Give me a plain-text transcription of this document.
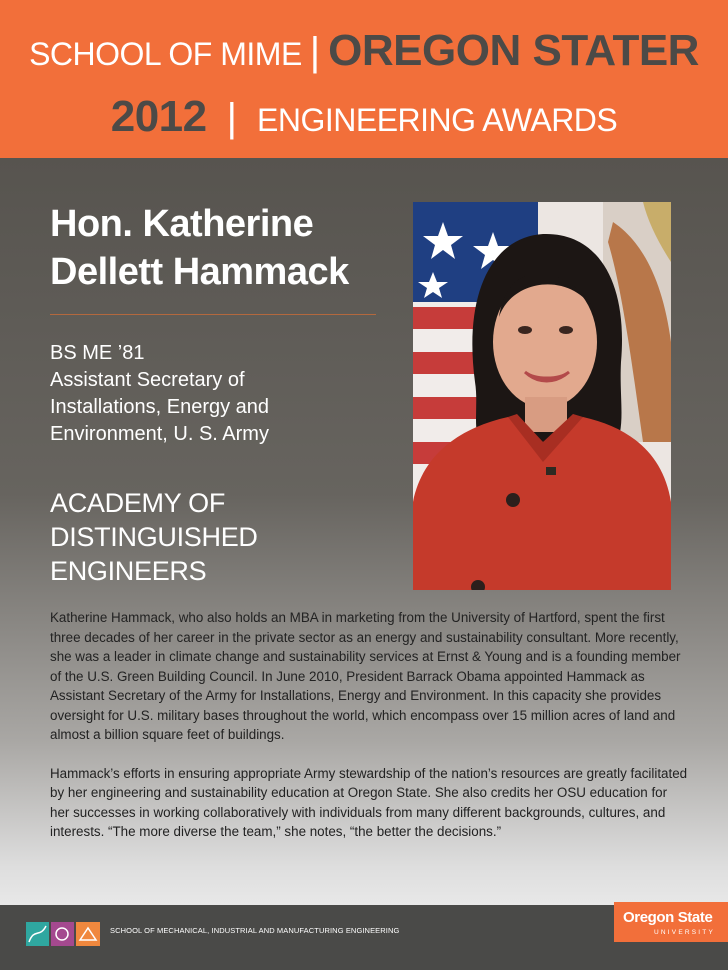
SCHOOL OF MIME | OREGON STATER
2012 | ENGINEERING AWARDS
Hon. Katherine
Dellett Hammack
BS ME ’81
Assistant Secretary of
Installations, Energy and
Environment, U. S. Army
ACADEMY OF
DISTINGUISHED
ENGINEERS

Katherine Hammack, who also holds an MBA in marketing from the University of Hartford, spent the first three decades of her career in the private sector as an energy and sustainability consultant. More recently, she was a leader in climate change and sustainability services at Ernst & Young and is a founding member of the U.S. Green Building Council. In June 2010, President Barrack Obama appointed Hammack as Assistant Secretary of the Army for Installations, Energy and Environment. In this capacity she provides oversight for U.S. military bases throughout the world, which encompass over 15 million acres of land and almost a billion square feet of buildings.

Hammack’s efforts in ensuring appropriate Army stewardship of the nation’s resources are greatly facilitated by her engineering and sustainability education at Oregon State. She also credits her OSU education for her successes in working collaboratively with individuals from many different backgrounds, cultures, and interests. “The more diverse the team,” she notes, “the better the decisions.”

SCHOOL OF MECHANICAL, INDUSTRIAL AND MANUFACTURING ENGINEERING
Oregon State
UNIVERSITY
